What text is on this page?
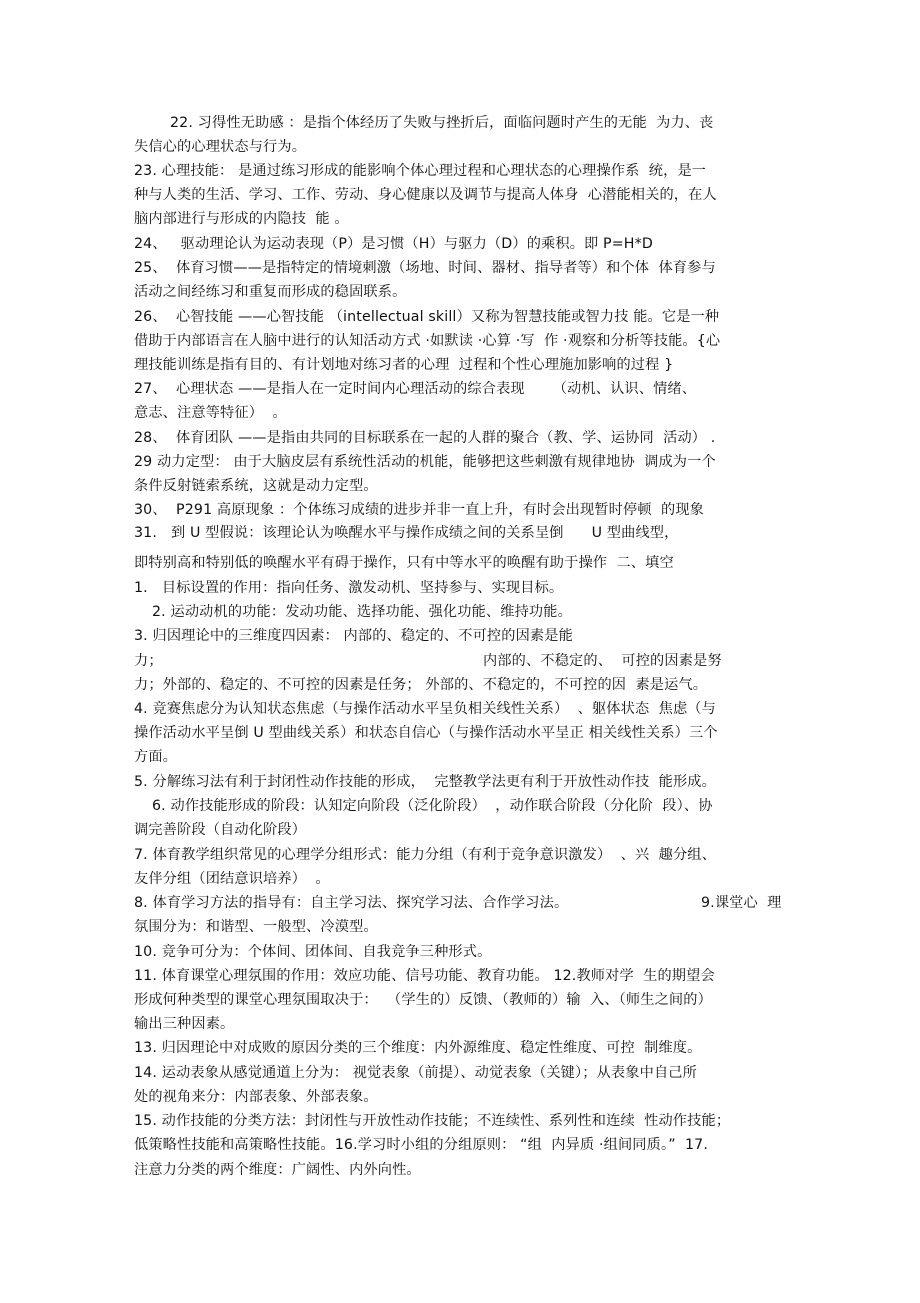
22. 习得性无助感 ：是指个体经历了失败与挫折后，面临问题时产生的无能  为力、丧
失信心的心理状态与行为。
23. 心理技能： 是通过练习形成的能影响个体心理过程和心理状态的心理操作系  统，是一
种与人类的生活、学习、工作、劳动、身心健康以及调节与提高人体身  心潜能相关的，在人
脑内部进行与形成的内隐技  能 。
24、   驱动理论认为运动表现（P）是习惯（H）与驱力（D）的乘积。即 P=H*D
25、  体育习惯——是指特定的情境刺激（场地、时间、器材、指导者等）和个体  体育参与
活动之间经练习和重复而形成的稳固联系。
26、  心智技能 ——心智技能 （intellectual skill）又称为智慧技能或智力技 能。它是一种
借助于内部语言在人脑中进行的认知活动方式 ·如默读 ·心算 ·写  作 ·观察和分析等技能。{心
理技能训练是指有目的、有计划地对练习者的心理  过程和个性心理施加影响的过程 }
27、  心理状态 ——是指人在一定时间内心理活动的综合表现      （动机、认识、情绪、
意志、注意等特征）  。
28、  体育团队 ——是指由共同的目标联系在一起的人群的聚合（教、学、运协同  活动） .
29 动力定型： 由于大脑皮层有系统性活动的机能，能够把这些刺激有规律地协  调成为一个
条件反射链索系统，这就是动力定型。
30、  P291 高原现象 ：个体练习成绩的进步并非一直上升，有时会出现暂时停顿  的现象
31.   到 U 型假说：该理论认为唤醒水平与操作成绩之间的关系呈倒      U 型曲线型，
即特别高和特别低的唤醒水平有碍于操作，只有中等水平的唤醒有助于操作  二、填空
1.   目标设置的作用：指向任务、激发动机、坚持参与、实现目标。
2. 运动动机的功能：发动功能、选择功能、强化功能、维持功能。
3. 归因理论中的三维度四因素： 内部的、稳定的、不可控的因素是能
力；	内部的、不稳定的、  可控的因素是努
力；外部的、稳定的、不可控的因素是任务； 外部的、不稳定的，不可控的因  素是运气。
4. 竞赛焦虑分为认知状态焦虑（与操作活动水平呈负相关线性关系）  、躯体状态  焦虑（与
操作活动水平呈倒 U 型曲线关系）和状态自信心（与操作活动水平呈正 相关线性关系）三个
方面。
5. 分解练习法有利于封闭性动作技能的形成，  完整教学法更有利于开放性动作技  能形成。
6. 动作技能形成的阶段：认知定向阶段（泛化阶段）  ，动作联合阶段（分化阶  段）、协
调完善阶段（自动化阶段）
7. 体育教学组织常见的心理学分组形式：能力分组（有利于竞争意识激发）  、兴  趣分组、
友伴分组（团结意识培养）  。
8. 体育学习方法的指导有：自主学习法、探究学习法、合作学习法。	9.课堂心  理
氛围分为：和谐型、一般型、冷漠型。
10. 竞争可分为：个体间、团体间、自我竞争三种形式。
11. 体育课堂心理氛围的作用：效应功能、信号功能、教育功能。 12.教师对学  生的期望会
形成何种类型的课堂心理氛围取决于：  （学生的）反馈、（教师的）输  入、（师生之间的）
输出三种因素。
13. 归因理论中对成败的原因分类的三个维度：内外源维度、稳定性维度、可控  制维度。
14. 运动表象从感觉通道上分为： 视觉表象（前提）、动觉表象（关键）；从表象中自己所
处的视角来分：内部表象、外部表象。
15. 动作技能的分类方法：封闭性与开放性动作技能；不连续性、系列性和连续  性动作技能；
低策略性技能和高策略性技能。16.学习时小组的分组原则： “组  内异质 ·组间同质。”  17.
注意力分类的两个维度：广阔性、内外向性。
